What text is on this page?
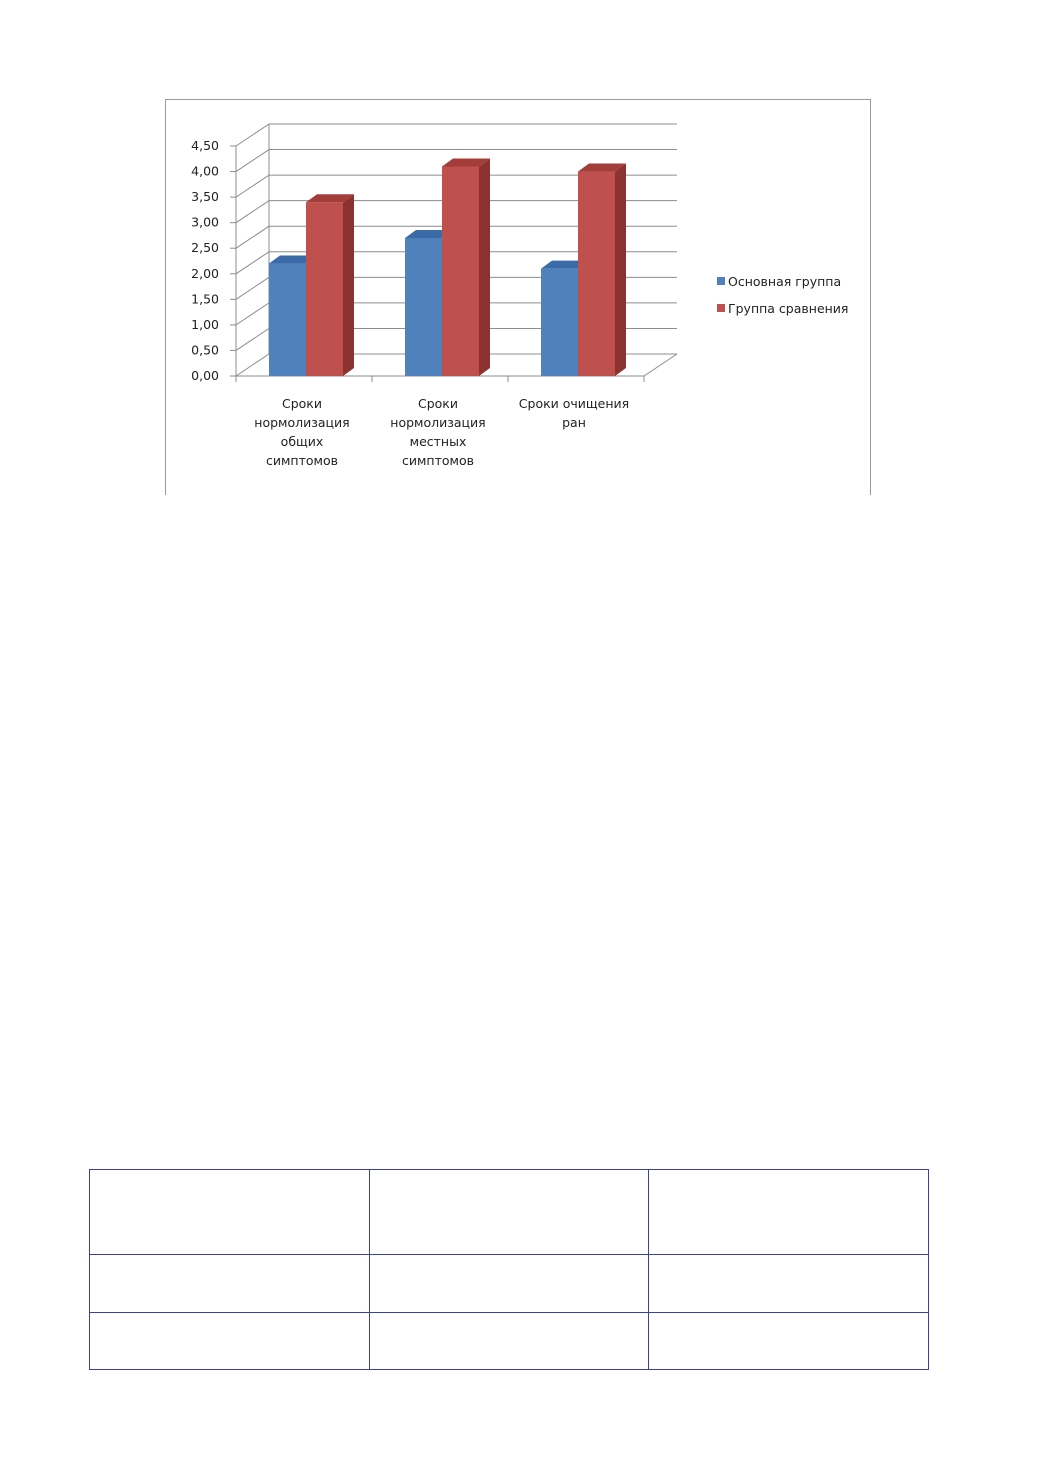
0,00
0,50
1,00
1,50
2,00
2,50
3,00
3,50
4,00
4,50
Сроки нормолизация общих симптомов
Сроки нормолизация местных симптомов
Сроки очищения ран
Основная группа
Группа сравнения
